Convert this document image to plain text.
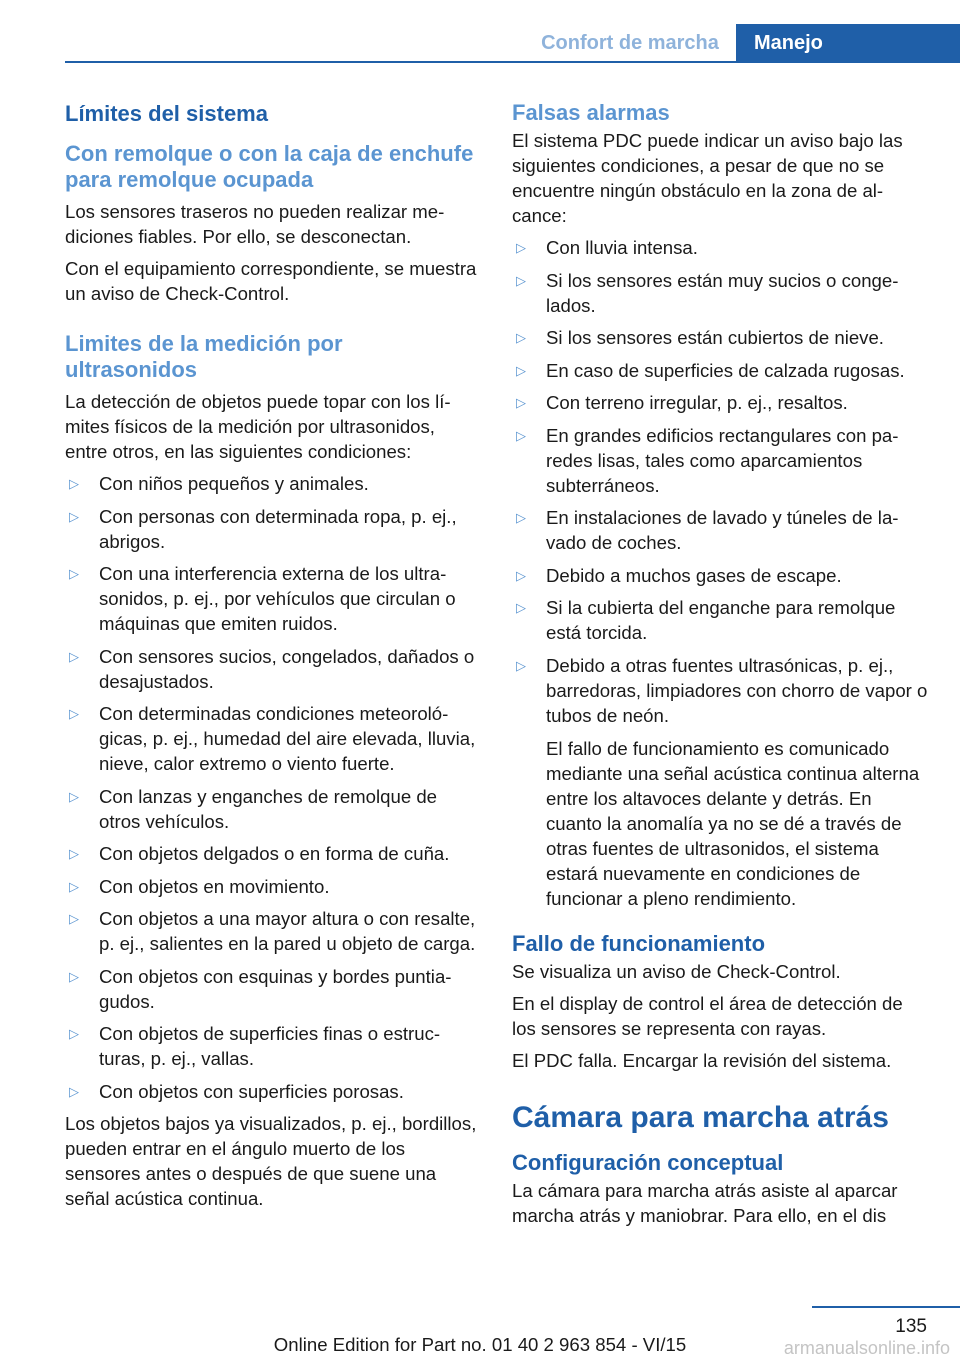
Confort de marcha	Manejo
Límites del sistema
Con remolque o con la caja de enchufe para remolque ocupada
Los sensores traseros no pueden realizar mediciones fiables. Por ello, se desconectan.
Con el equipamiento correspondiente, se muestra un aviso de Check-Control.
Limites de la medición por ultrasonidos
La detección de objetos puede topar con los límites físicos de la medición por ultrasonidos, entre otros, en las siguientes condiciones:
▷ Con niños pequeños y animales.
▷ Con personas con determinada ropa, p. ej., abrigos.
▷ Con una interferencia externa de los ultrasonidos, p. ej., por vehículos que circulan o máquinas que emiten ruidos.
▷ Con sensores sucios, congelados, dañados o desajustados.
▷ Con determinadas condiciones meteorológicas, p. ej., humedad del aire elevada, lluvia, nieve, calor extremo o viento fuerte.
▷ Con lanzas y enganches de remolque de otros vehículos.
▷ Con objetos delgados o en forma de cuña.
▷ Con objetos en movimiento.
▷ Con objetos a una mayor altura o con resalte, p. ej., salientes en la pared u objeto de carga.
▷ Con objetos con esquinas y bordes puntiagudos.
▷ Con objetos de superficies finas o estructuras, p. ej., vallas.
▷ Con objetos con superficies porosas.
Los objetos bajos ya visualizados, p. ej., bordillos, pueden entrar en el ángulo muerto de los sensores antes o después de que suene una señal acústica continua.
Falsas alarmas
El sistema PDC puede indicar un aviso bajo las siguientes condiciones, a pesar de que no se encuentre ningún obstáculo en la zona de alcance:
▷ Con lluvia intensa.
▷ Si los sensores están muy sucios o congelados.
▷ Si los sensores están cubiertos de nieve.
▷ En caso de superficies de calzada rugosas.
▷ Con terreno irregular, p. ej., resaltos.
▷ En grandes edificios rectangulares con paredes lisas, tales como aparcamientos subterráneos.
▷ En instalaciones de lavado y túneles de lavado de coches.
▷ Debido a muchos gases de escape.
▷ Si la cubierta del enganche para remolque está torcida.
▷ Debido a otras fuentes ultrasónicas, p. ej., barredoras, limpiadores con chorro de vapor o tubos de neón.
El fallo de funcionamiento es comunicado mediante una señal acústica continua alterna entre los altavoces delante y detrás. En cuanto la anomalía ya no se dé a través de otras fuentes de ultrasonidos, el sistema estará nuevamente en condiciones de funcionar a pleno rendimiento.
Fallo de funcionamiento
Se visualiza un aviso de Check-Control.
En el display de control el área de detección de los sensores se representa con rayas.
El PDC falla. Encargar la revisión del sistema.
Cámara para marcha atrás
Configuración conceptual
La cámara para marcha atrás asiste al aparcar marcha atrás y maniobrar. Para ello, en el dis
135
Online Edition for Part no. 01 40 2 963 854 - VI/15	armanualsonline.info
